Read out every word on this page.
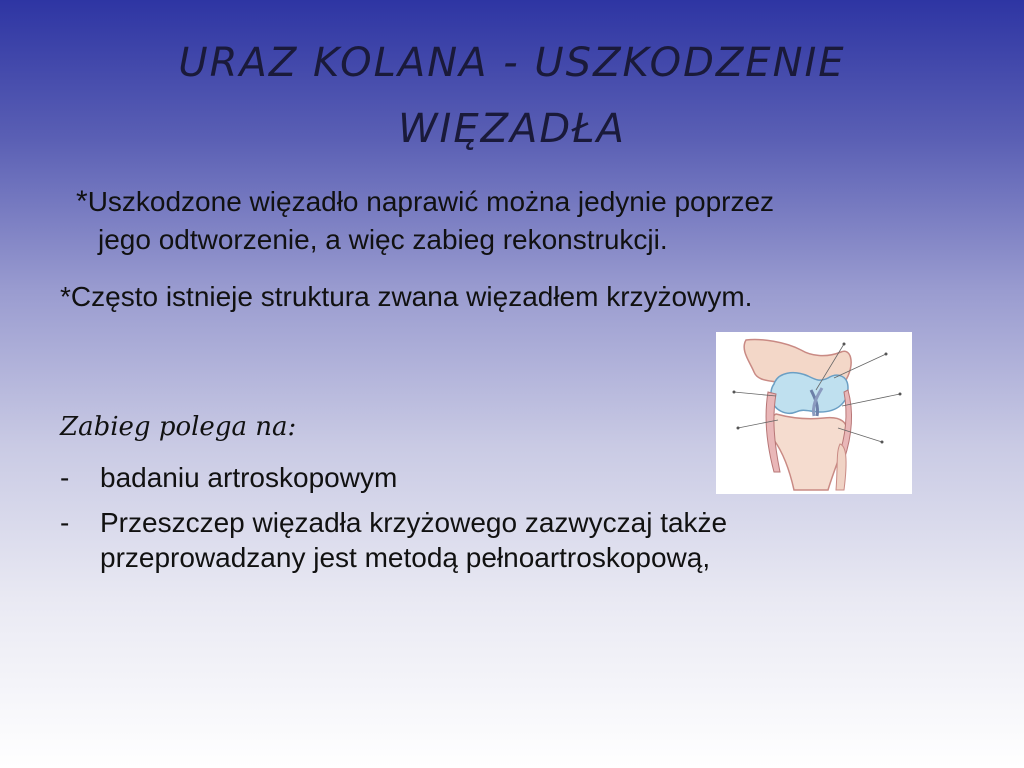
URAZ KOLANA - USZKODZENIE
WIĘZADŁA
*Uszkodzone więzadło naprawić można jedynie poprzez
jego odtworzenie, a więc zabieg rekonstrukcji.
*Często istnieje struktura zwana więzadłem krzyżowym.
Zabieg polega na:
- badaniu artroskopowym
- Przeszczep więzadła krzyżowego zazwyczaj także przeprowadzany jest metodą pełnoartroskopową,
